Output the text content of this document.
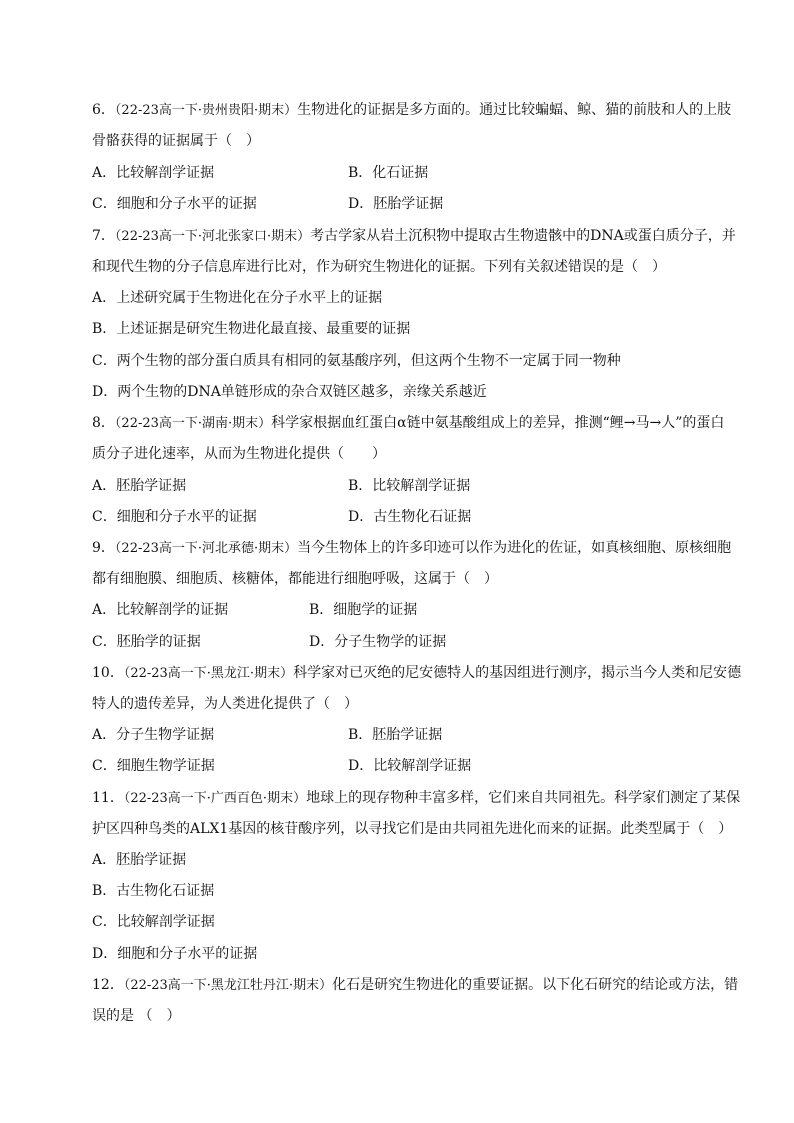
6．（22-23高一下·贵州贵阳·期末）生物进化的证据是多方面的。通过比较蝙蝠、鲸、猫的前肢和人的上肢
骨骼获得的证据属于（　）
A．比较解剖学证据	B．化石证据
C．细胞和分子水平的证据	D．胚胎学证据
7．（22-23高一下·河北张家口·期末）考古学家从岩土沉积物中提取古生物遗骸中的DNA或蛋白质分子，并
和现代生物的分子信息库进行比对，作为研究生物进化的证据。下列有关叙述错误的是（　）
A．上述研究属于生物进化在分子水平上的证据
B．上述证据是研究生物进化最直接、最重要的证据
C．两个生物的部分蛋白质具有相同的氨基酸序列，但这两个生物不一定属于同一物种
D．两个生物的DNA单链形成的杂合双链区越多，亲缘关系越近
8．（22-23高一下·湖南·期末）科学家根据血红蛋白α链中氨基酸组成上的差异，推测“鲤→马→人”的蛋白
质分子进化速率，从而为生物进化提供（　　）
A．胚胎学证据	B．比较解剖学证据
C．细胞和分子水平的证据	D．古生物化石证据
9．（22-23高一下·河北承德·期末）当今生物体上的许多印迹可以作为进化的佐证，如真核细胞、原核细胞
都有细胞膜、细胞质、核糖体，都能进行细胞呼吸，这属于（　）
A．比较解剖学的证据	B．细胞学的证据
C．胚胎学的证据	D．分子生物学的证据
10．（22-23高一下·黑龙江·期末）科学家对已灭绝的尼安德特人的基因组进行测序，揭示当今人类和尼安德
特人的遗传差异，为人类进化提供了（　）
A．分子生物学证据	B．胚胎学证据
C．细胞生物学证据	D．比较解剖学证据
11．（22-23高一下·广西百色·期末）地球上的现存物种丰富多样，它们来自共同祖先。科学家们测定了某保
护区四种鸟类的ALX1基因的核苷酸序列，以寻找它们是由共同祖先进化而来的证据。此类型属于（　）
A．胚胎学证据
B．古生物化石证据
C．比较解剖学证据
D．细胞和分子水平的证据
12．（22-23高一下·黑龙江牡丹江·期末）化石是研究生物进化的重要证据。以下化石研究的结论或方法，错
误的是 （　）
